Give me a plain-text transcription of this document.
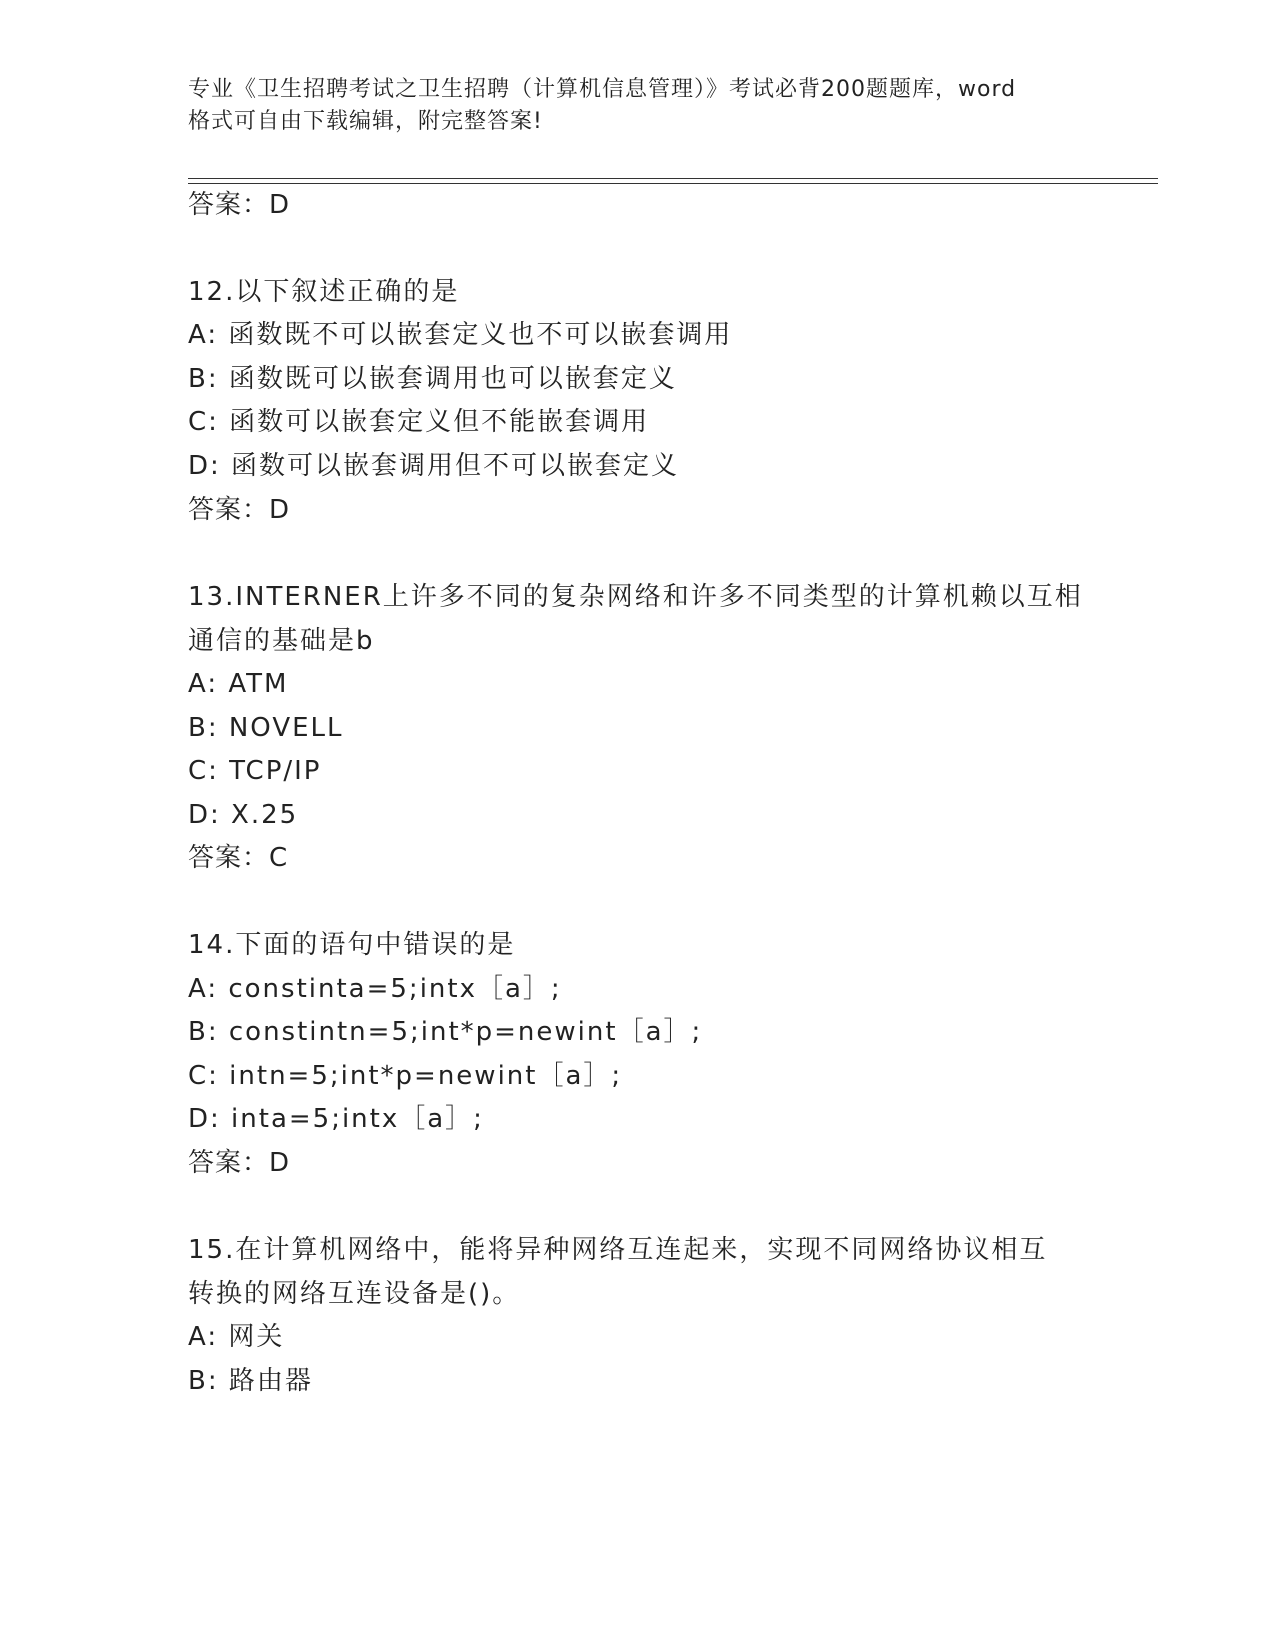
专业《卫生招聘考试之卫生招聘（计算机信息管理）》考试必背200题题库，word
格式可自由下载编辑，附完整答案!
答案：D
12.以下叙述正确的是
A: 函数既不可以嵌套定义也不可以嵌套调用
B: 函数既可以嵌套调用也可以嵌套定义
C: 函数可以嵌套定义但不能嵌套调用
D: 函数可以嵌套调用但不可以嵌套定义
答案：D
13.INTERNER上许多不同的复杂网络和许多不同类型的计算机赖以互相
通信的基础是b
A: ATM
B: NOVELL
C: TCP/IP
D: X.25
答案：C
14.下面的语句中错误的是
A: constinta=5;intx［a］;
B: constintn=5;int*p=newint［a］;
C: intn=5;int*p=newint［a］;
D: inta=5;intx［a］;
答案：D
15.在计算机网络中，能将异种网络互连起来，实现不同网络协议相互
转换的网络互连设备是()。
A: 网关
B: 路由器
